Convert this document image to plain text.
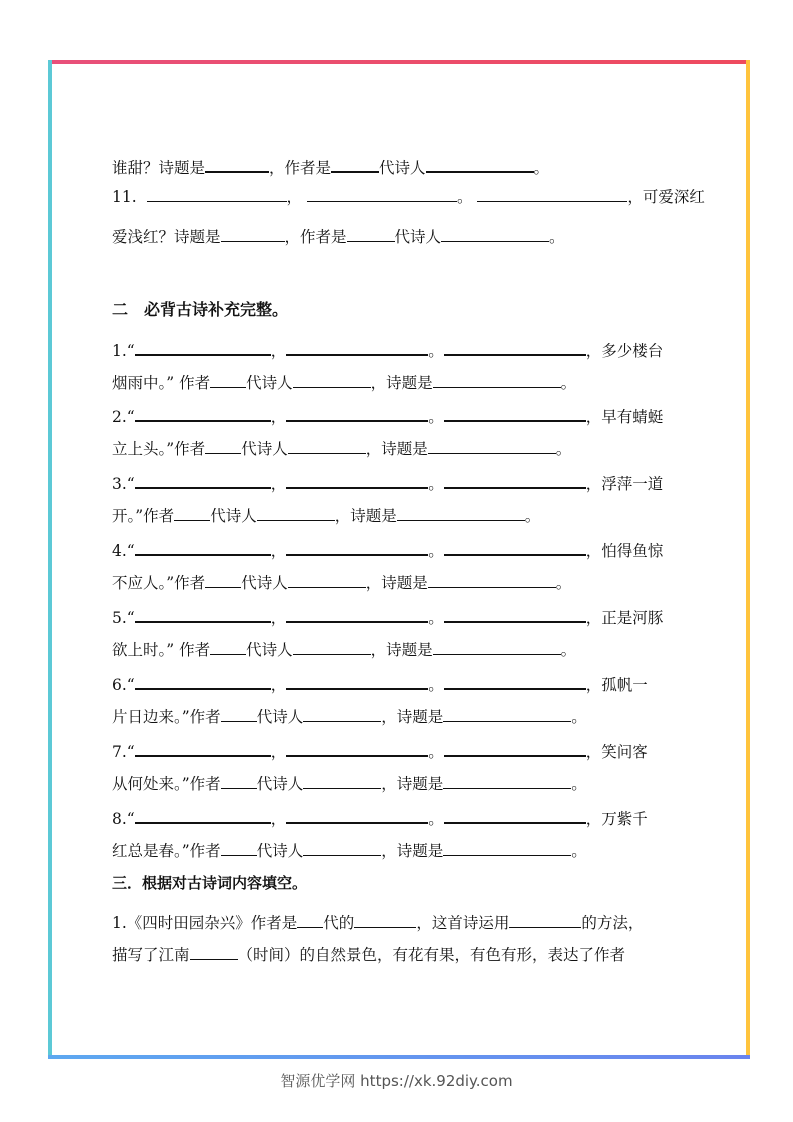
谁甜？诗题是	，作者是	代诗人	。
11.	，	。	，可爱深红
爱浅红？诗题是	，作者是	代诗人	。
二　必背古诗补充完整。
1.“	，	。	，多少楼台
烟雨中。” 作者 代诗人	，诗题是	。
2.“	，	。	，早有蜻蜓
立上头。”作者 代诗人	，诗题是	。
3.“	，	。	，浮萍一道
开。”作者 代诗人	，诗题是	。
4.“	，	。	，怕得鱼惊
不应人。”作者 代诗人	，诗题是	。
5.“	，	。	，正是河豚
欲上时。” 作者 代诗人	，诗题是	。
6.“	，	。	，孤帆一
片日边来。”作者 代诗人	，诗题是	。
7.“	，	。	，笑问客
从何处来。”作者 代诗人	，诗题是	。
8.“	，	。	，万紫千
红总是春。”作者 代诗人	，诗题是	。
三．根据对古诗词内容填空。
1.《四时田园杂兴》作者是 代的	，这首诗运用	的方法，
描写了江南	（时间）的自然景色，有花有果，有色有形，表达了作者
智源优学网 https://xk.92diy.com
